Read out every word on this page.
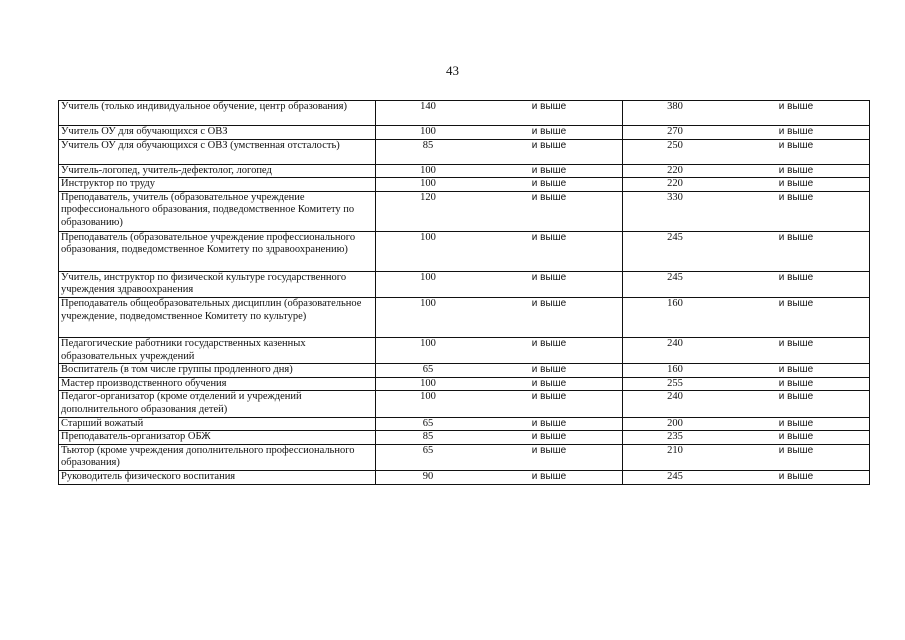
43
Учитель (только индивидуальное обучение, центр образования)	140 и выше	380 и выше

Учитель ОУ для обучающихся с ОВЗ	100 и выше	270 и выше

Учитель ОУ для обучающихся с ОВЗ (умственная отсталость)	85 и выше	250 и выше

Учитель-логопед, учитель-дефектолог, логопед	100 и выше	220 и выше

Инструктор по труду	100 и выше	220 и выше

Преподаватель, учитель (образовательное учреждение профессионального образования, подведомственное Комитету по образованию)	120 и выше	330 и выше

Преподаватель (образовательное учреждение профессионального образования, подведомственное Комитету по здравоохранению)	100 и выше	245 и выше

Учитель, инструктор по физической культуре государственного учреждения здравоохранения	100 и выше	245 и выше

Преподаватель общеобразовательных дисциплин (образовательное учреждение, подведомственное Комитету по культуре)	100 и выше	160 и выше

Педагогические работники государственных казенных образовательных учреждений	100 и выше	240 и выше

Воспитатель (в том числе группы продленного дня)	65 и выше	160 и выше

Мастер производственного обучения	100 и выше	255 и выше

Педагог-организатор (кроме отделений и учреждений дополнительного образования детей)	100 и выше	240 и выше

Старший вожатый	65 и выше	200 и выше

Преподаватель-организатор ОБЖ	85 и выше	235 и выше

Тьютор (кроме учреждения дополнительного профессионального образования)	65 и выше	210 и выше

Руководитель физического воспитания	90 и выше	245 и выше
